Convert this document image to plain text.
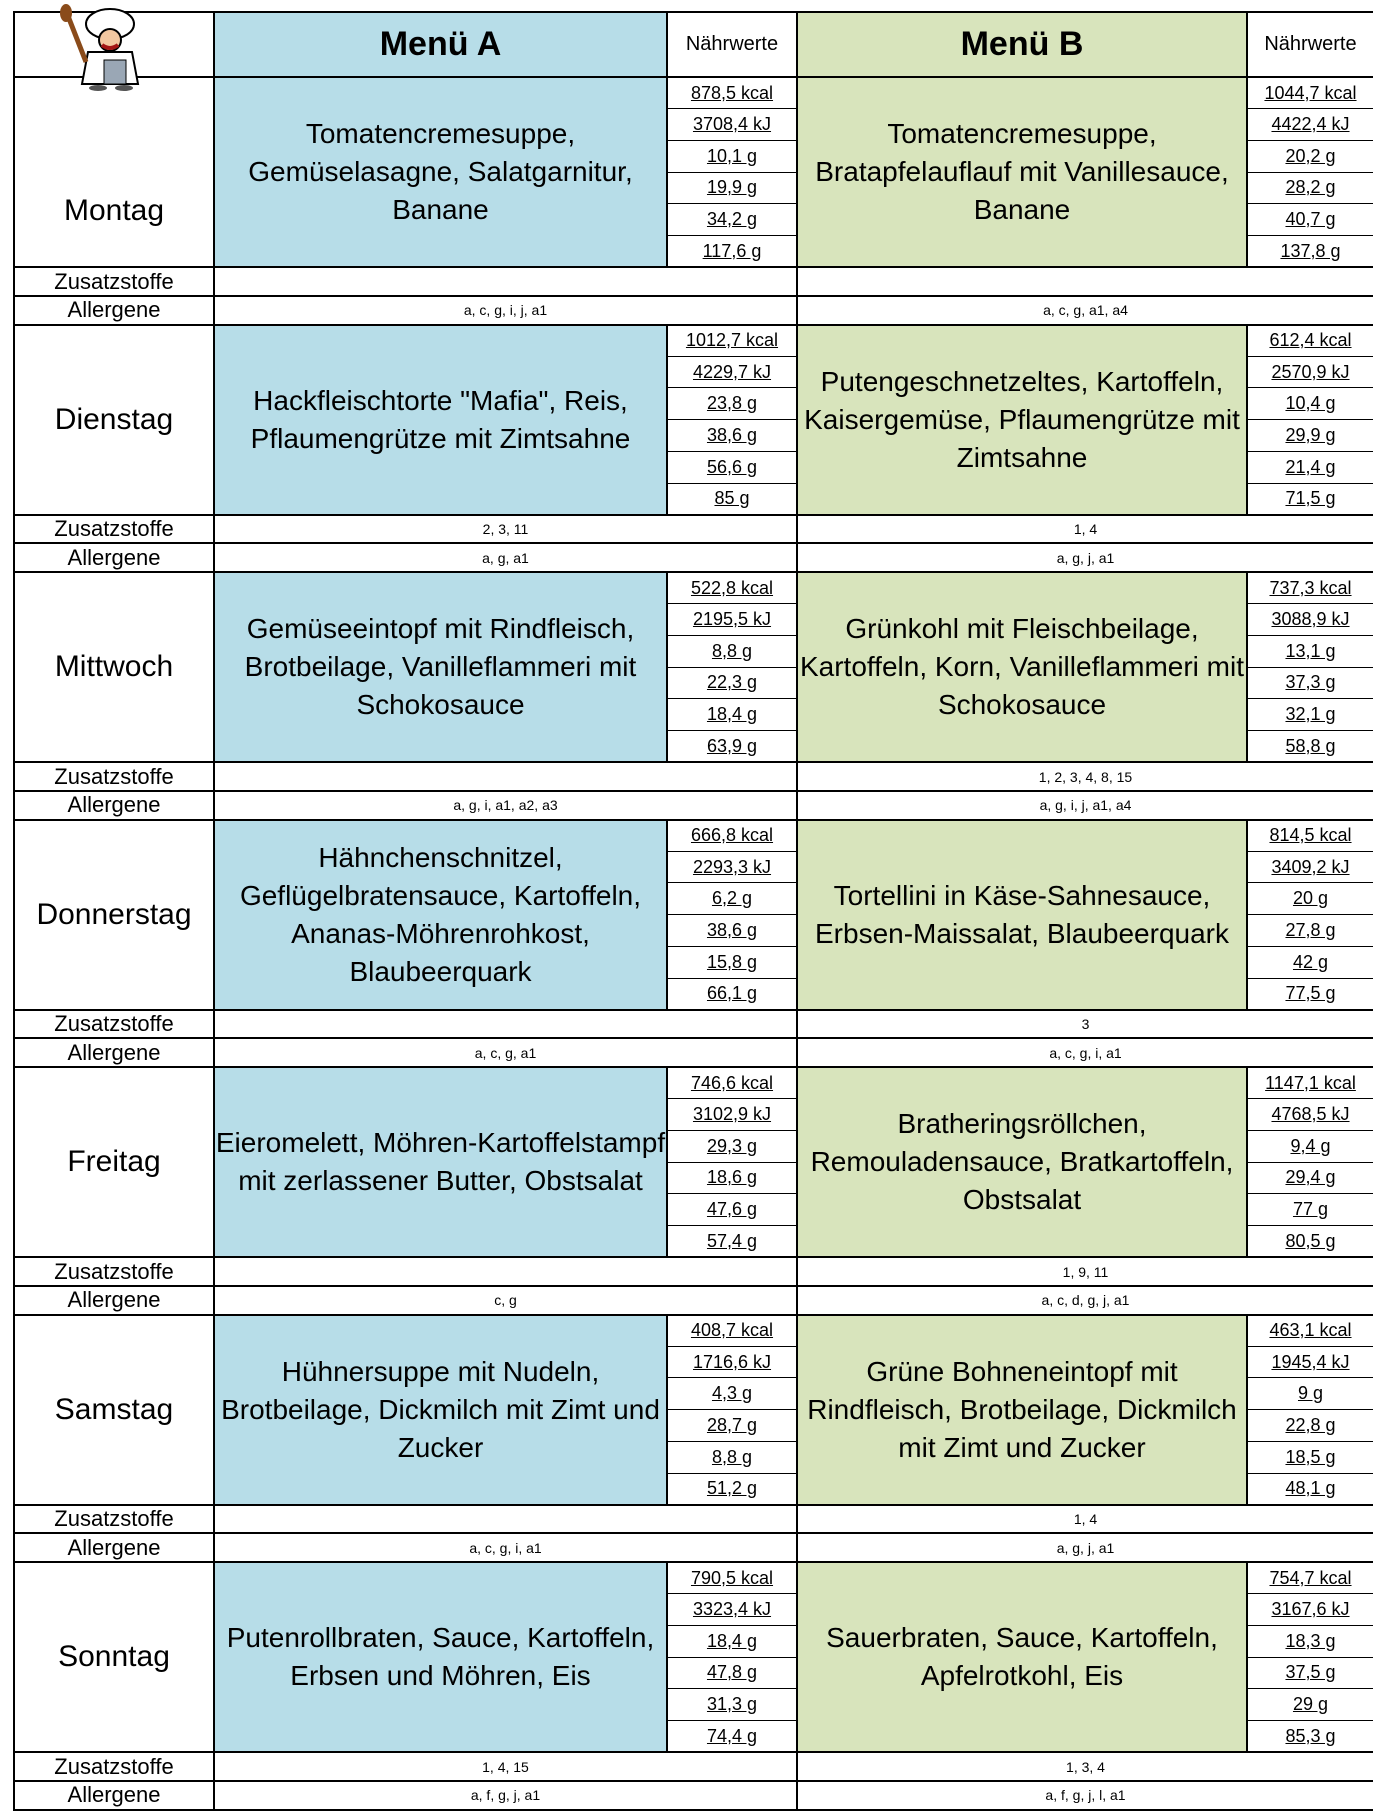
	Menü A	Nährwerte	Menü B	Nährwerte

Montag	Tomatencremesuppe, Gemüselasagne, Salatgarnitur, Banane	878,5 kcal	Tomatencremesuppe, Bratapfelauflauf mit Vanillesauce, Banane	1044,7 kcal
		3708,4 kJ		4422,4 kJ
		10,1 g		20,2 g
		19,9 g		28,2 g
		34,2 g		40,7 g
		117,6 g		137,8 g
Zusatzstoffe				
Allergene	a, c, g, i, j, a1		a, c, g, a1, a4	
Dienstag	Hackfleischtorte "Mafia", Reis, Pflaumengrütze mit Zimtsahne	1012,7 kcal	Putengeschnetzeltes, Kartoffeln, Kaisergemüse, Pflaumengrütze mit Zimtsahne	612,4 kcal
		4229,7 kJ		2570,9 kJ
		23,8 g		10,4 g
		38,6 g		29,9 g
		56,6 g		21,4 g
		85 g		71,5 g
Zusatzstoffe	2, 3, 11		1, 4	
Allergene	a, g, a1		a, g, j, a1	
Mittwoch	Gemüseeintopf mit Rindfleisch, Brotbeilage, Vanilleflammeri mit Schokosauce	522,8 kcal	Grünkohl mit Fleischbeilage, Kartoffeln, Korn, Vanilleflammeri mit Schokosauce	737,3 kcal
		2195,5 kJ		3088,9 kJ
		8,8 g		13,1 g
		22,3 g		37,3 g
		18,4 g		32,1 g
		63,9 g		58,8 g
Zusatzstoffe			1, 2, 3, 4, 8, 15	
Allergene	a, g, i, a1, a2, a3		a, g, i, j, a1, a4	
Donnerstag	Hähnchenschnitzel, Geflügelbratensauce, Kartoffeln, Ananas-Möhrenrohkost, Blaubeerquark	666,8 kcal	Tortellini in Käse-Sahnesauce, Erbsen-Maissalat, Blaubeerquark	814,5 kcal
		2293,3 kJ		3409,2 kJ
		6,2 g		20 g
		38,6 g		27,8 g
		15,8 g		42 g
		66,1 g		77,5 g
Zusatzstoffe			3	
Allergene	a, c, g, a1		a, c, g, i, a1	
Freitag	Eieromelett, Möhren-Kartoffelstampf mit zerlassener Butter, Obstsalat	746,6 kcal	Bratheringsröllchen, Remouladensauce, Bratkartoffeln, Obstsalat	1147,1 kcal
		3102,9 kJ		4768,5 kJ
		29,3 g		9,4 g
		18,6 g		29,4 g
		47,6 g		77 g
		57,4 g		80,5 g
Zusatzstoffe			1, 9, 11	
Allergene	c, g		a, c, d, g, j, a1	
Samstag	Hühnersuppe mit Nudeln, Brotbeilage, Dickmilch mit Zimt und Zucker	408,7 kcal	Grüne Bohneneintopf mit Rindfleisch, Brotbeilage, Dickmilch mit Zimt und Zucker	463,1 kcal
		1716,6 kJ		1945,4 kJ
		4,3 g		9 g
		28,7 g		22,8 g
		8,8 g		18,5 g
		51,2 g		48,1 g
Zusatzstoffe			1, 4	
Allergene	a, c, g, i, a1		a, g, j, a1	
Sonntag	Putenrollbraten, Sauce, Kartoffeln, Erbsen und Möhren, Eis	790,5 kcal	Sauerbraten, Sauce, Kartoffeln, Apfelrotkohl, Eis	754,7 kcal
		3323,4 kJ		3167,6 kJ
		18,4 g		18,3 g
		47,8 g		37,5 g
		31,3 g		29 g
		74,4 g		85,3 g
Zusatzstoffe	1, 4, 15		1, 3, 4	
Allergene	a, f, g, j, a1		a, f, g, j, l, a1	
